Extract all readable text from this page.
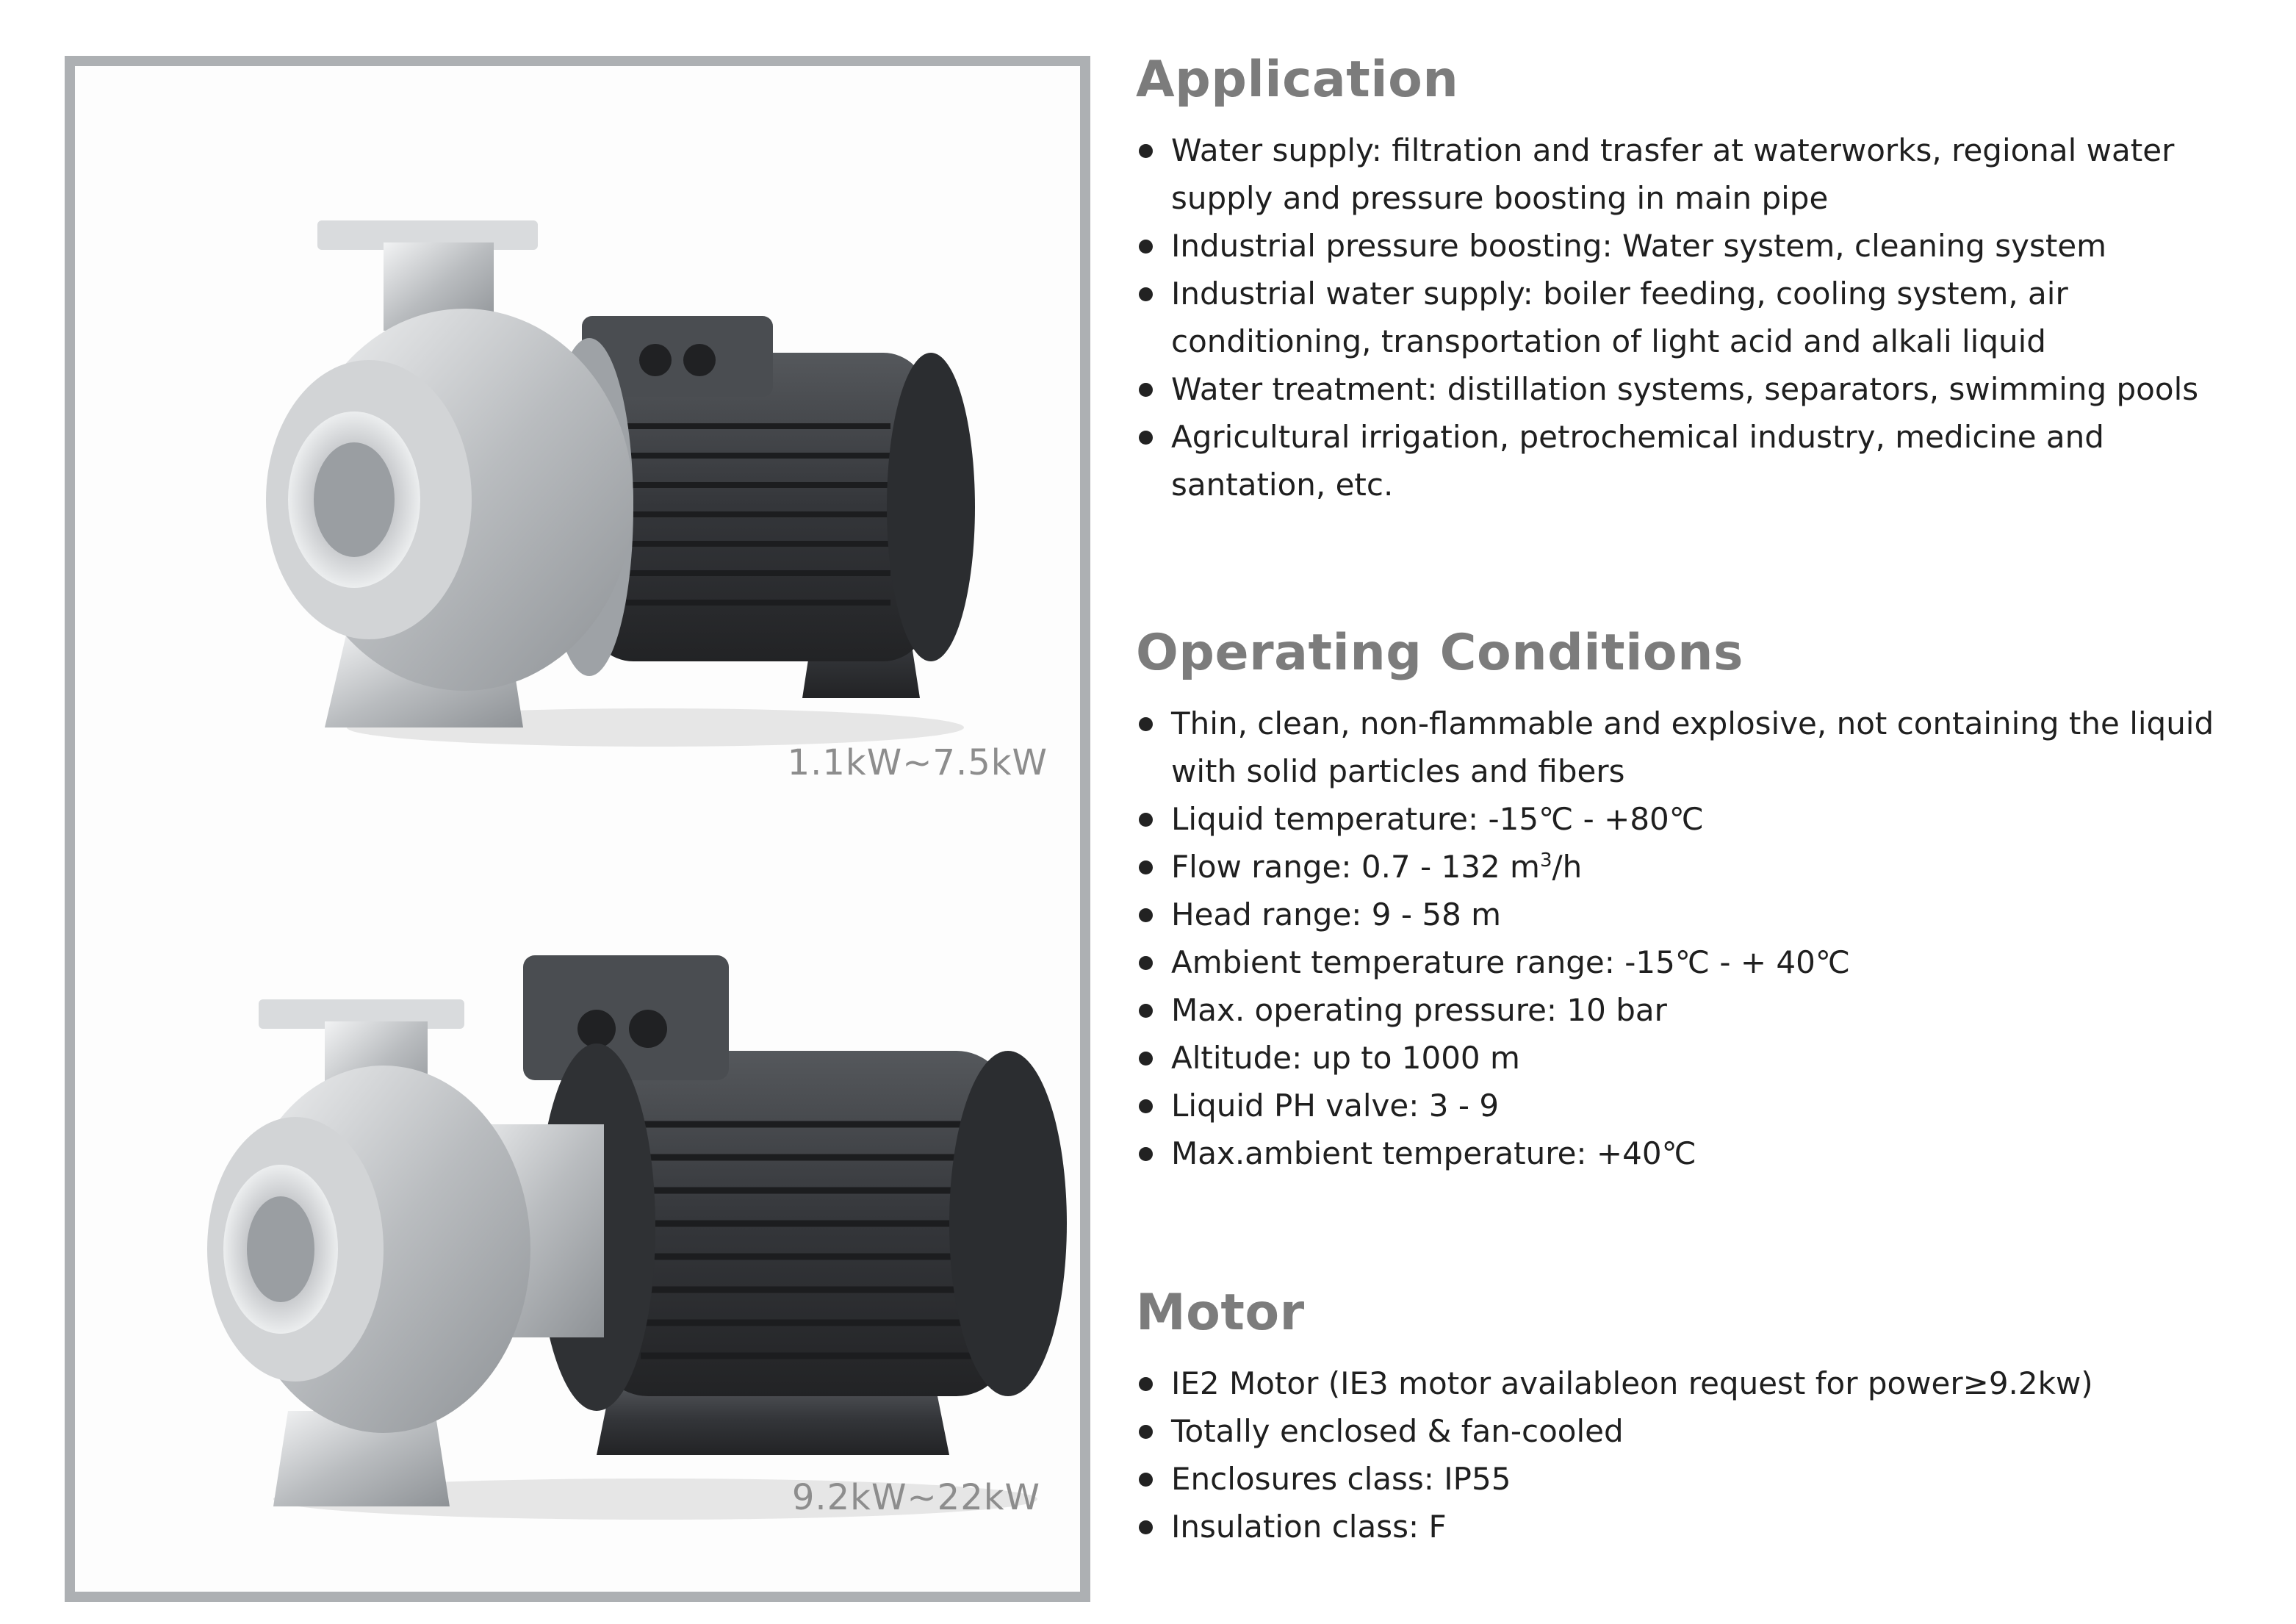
1.1kW~7.5kW
9.2kW~22kW
Application
Water supply: filtration and trasfer at waterworks, regional water supply and pressure boosting in main pipe
Industrial pressure boosting: Water system, cleaning system
Industrial water supply: boiler feeding, cooling system, air conditioning, transportation of light acid and alkali liquid
Water treatment: distillation systems, separators, swimming pools
Agricultural irrigation, petrochemical industry, medicine and santation, etc.
Operating Conditions
Thin, clean, non-flammable and explosive, not containing the liquid with solid particles and fibers
Liquid temperature: -15℃ - +80℃
Flow range: 0.7 - 132 $m^3/h$
Head range: 9 - 58 m
Ambient temperature range: -15℃ - + 40℃
Max. operating pressure: 10 bar
Altitude: up to 1000 m
Liquid PH valve: 3 - 9
Max.ambient temperature: +40℃
Motor
IE2 Motor (IE3 motor availableon request for power≥9.2kw)
Totally enclosed & fan-cooled
Enclosures class: IP55
Insulation class: F
